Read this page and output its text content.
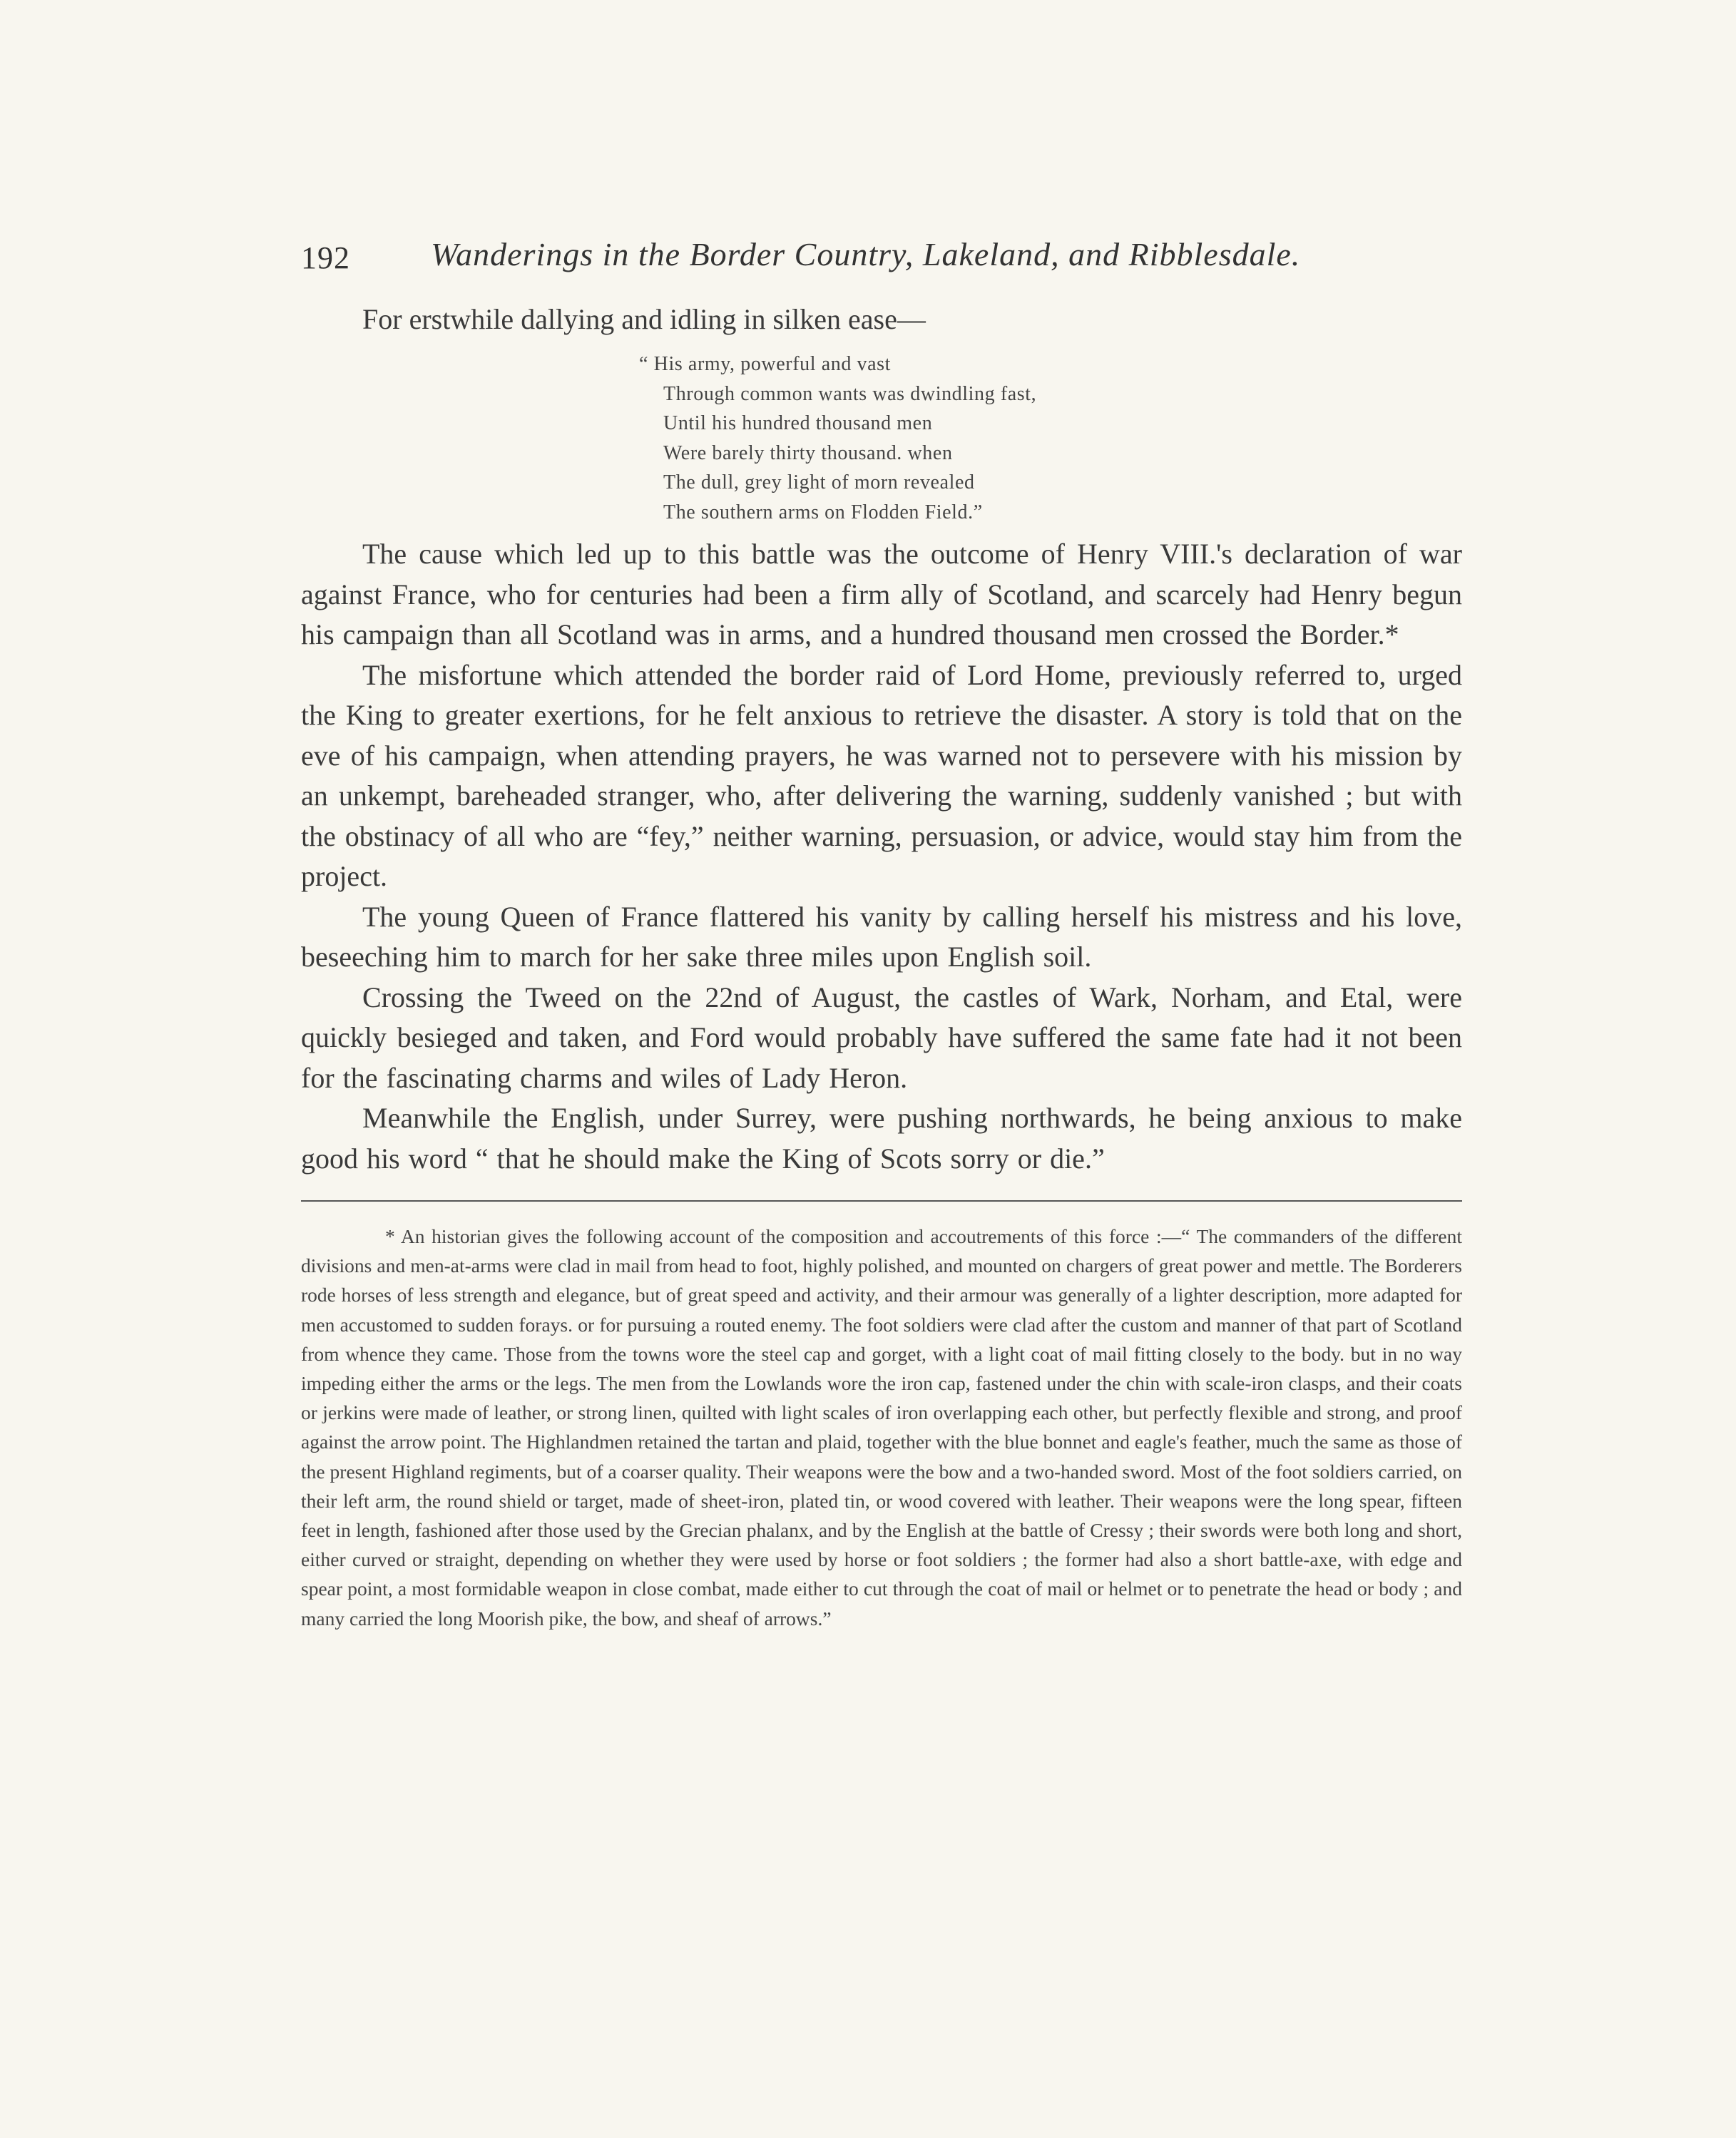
192 Wanderings in the Border Country, Lakeland, and Ribblesdale.
For erstwhile dallying and idling in silken ease—
“ His army, powerful and vast
Through common wants was dwindling fast,
Until his hundred thousand men
Were barely thirty thousand. when
The dull, grey light of morn revealed
The southern arms on Flodden Field.”

The cause which led up to this battle was the outcome of Henry VIII.'s declaration of war against France, who for centuries had been a firm ally of Scotland, and scarcely had Henry begun his campaign than all Scotland was in arms, and a hundred thousand men crossed the Border.*

The misfortune which attended the border raid of Lord Home, previously referred to, urged the King to greater exertions, for he felt anxious to retrieve the disaster. A story is told that on the eve of his campaign, when attending prayers, he was warned not to persevere with his mission by an unkempt, bareheaded stranger, who, after delivering the warning, suddenly vanished ; but with the obstinacy of all who are “fey,” neither warning, persuasion, or advice, would stay him from the project.

The young Queen of France flattered his vanity by calling herself his mistress and his love, beseeching him to march for her sake three miles upon English soil.

Crossing the Tweed on the 22nd of August, the castles of Wark, Norham, and Etal, were quickly besieged and taken, and Ford would probably have suffered the same fate had it not been for the fascinating charms and wiles of Lady Heron.

Meanwhile the English, under Surrey, were pushing northwards, he being anxious to make good his word “ that he should make the King of Scots sorry or die.”

* An historian gives the following account of the composition and accoutrements of this force :—“ The commanders of the different divisions and men-at-arms were clad in mail from head to foot, highly polished, and mounted on chargers of great power and mettle. The Borderers rode horses of less strength and elegance, but of great speed and activity, and their armour was generally of a lighter description, more adapted for men accustomed to sudden forays. or for pursuing a routed enemy. The foot soldiers were clad after the custom and manner of that part of Scotland from whence they came. Those from the towns wore the steel cap and gorget, with a light coat of mail fitting closely to the body. but in no way impeding either the arms or the legs. The men from the Lowlands wore the iron cap, fastened under the chin with scale-iron clasps, and their coats or jerkins were made of leather, or strong linen, quilted with light scales of iron overlapping each other, but perfectly flexible and strong, and proof against the arrow point. The Highlandmen retained the tartan and plaid, together with the blue bonnet and eagle's feather, much the same as those of the present Highland regiments, but of a coarser quality. Their weapons were the bow and a two-handed sword. Most of the foot soldiers carried, on their left arm, the round shield or target, made of sheet-iron, plated tin, or wood covered with leather. Their weapons were the long spear, fifteen feet in length, fashioned after those used by the Grecian phalanx, and by the English at the battle of Cressy ; their swords were both long and short, either curved or straight, depending on whether they were used by horse or foot soldiers ; the former had also a short battle-axe, with edge and spear point, a most formidable weapon in close combat, made either to cut through the coat of mail or helmet or to penetrate the head or body ; and many carried the long Moorish pike, the bow, and sheaf of arrows.”
